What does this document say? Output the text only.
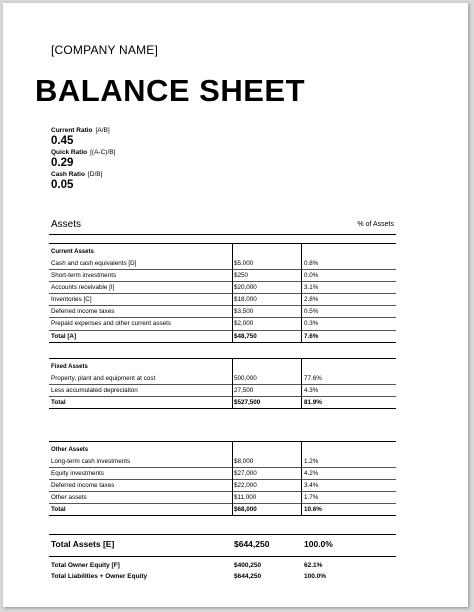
[COMPANY NAME]
BALANCE SHEET
Current Ratio [A/B]
0.45
Quick Ratio [(A-C)/B]
0.29
Cash Ratio [D/B]
0.05
Assets	% of Assets
Current Assets
Cash and cash equivalents [D]	$5,000	0.8%
Short-term investments	$250	0.0%
Accounts receivable [I]	$20,000	3.1%
Inventories [C]	$18,000	2.8%
Deferred income taxes	$3,500	0.5%
Prepaid expenses and other current assets	$2,000	0.3%
Total [A]	$48,750	7.6%
Fixed Assets
Property, plant and equipment at cost	500,000	77.6%
Less accumulated depreciation	27,500	4.3%
Total	$527,500	81.9%
Other Assets
Long-term cash investments	$8,000	1.2%
Equity investments	$27,000	4.2%
Deferred income taxes	$22,000	3.4%
Other assets	$11,000	1.7%
Total	$68,000	10.6%
Total Assets [E]	$644,250	100.0%
Total Owner Equity [F]	$400,250	62.1%
Total Liabilities + Owner Equity	$644,250	100.0%
